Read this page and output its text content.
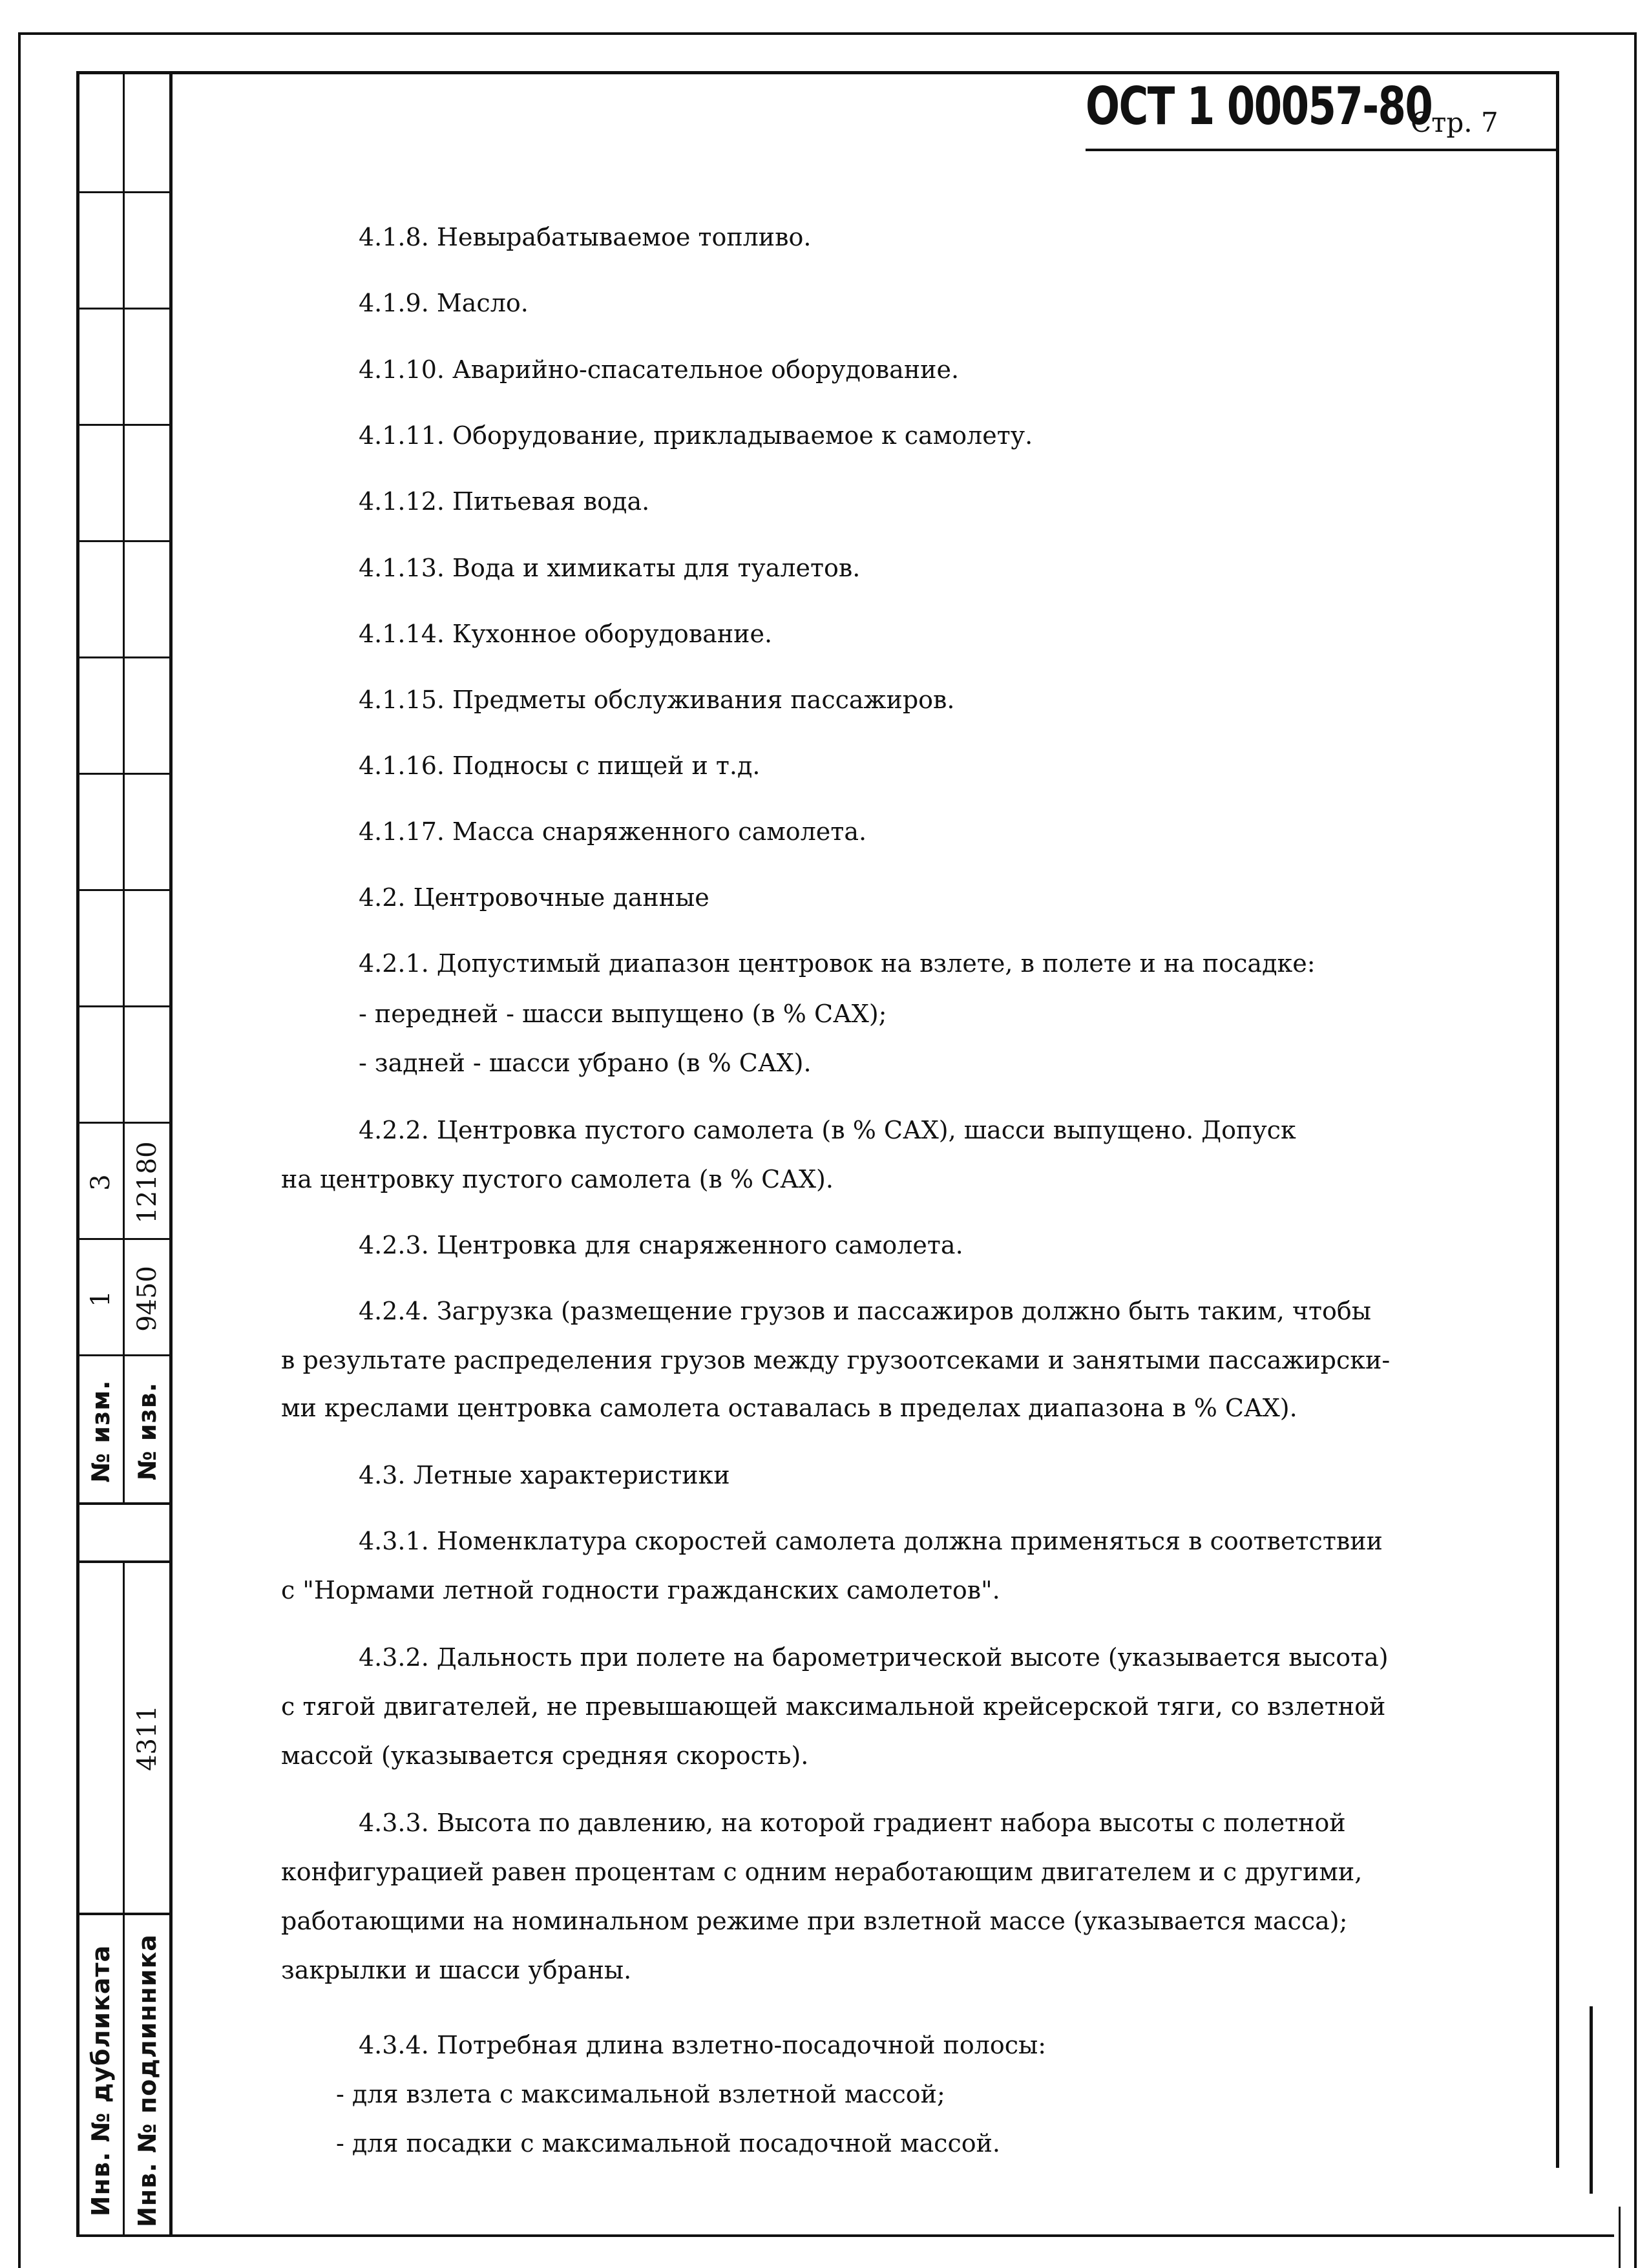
ОСТ 1 00057-80
Стр. 7
1
3
9450
12180
№ изм. № изв.
4311
Инв. № дубликата Инв. № подлинника
4.1.8. Невырабатываемое топливо.
4.1.9. Масло.
4.1.10. Аварийно-спасательное оборудование.
4.1.11. Оборудование, прикладываемое к самолету.
4.1.12. Питьевая вода.
4.1.13. Вода и химикаты для туалетов.
4.1.14. Кухонное оборудование.
4.1.15. Предметы обслуживания пассажиров.
4.1.16. Подносы с пищей и т.д.
4.1.17. Масса снаряженного самолета.
4.2. Центровочные данные
4.2.1. Допустимый диапазон центровок на взлете, в полете и на посадке:
- передней - шасси выпущено (в % САХ);
- задней - шасси убрано (в % САХ).
4.2.2. Центровка пустого самолета (в % САХ), шасси выпущено. Допуск
на центровку пустого самолета (в % САХ).
4.2.3. Центровка для снаряженного самолета.
4.2.4. Загрузка (размещение грузов и пассажиров должно быть таким, чтобы
в результате распределения грузов между грузоотсеками и занятыми пассажирски-
ми креслами центровка самолета оставалась в пределах диапазона в % САХ).
4.3. Летные характеристики
4.3.1. Номенклатура скоростей самолета должна применяться в соответствии
с "Нормами летной годности гражданских самолетов".
4.3.2. Дальность при полете на барометрической высоте (указывается высота)
с тягой двигателей, не превышающей максимальной крейсерской тяги, со взлетной
массой (указывается средняя скорость).
4.3.3. Высота по давлению, на которой градиент набора высоты с полетной
конфигурацией равен процентам с одним неработающим двигателем и с другими,
работающими на номинальном режиме при взлетной массе (указывается масса);
закрылки и шасси убраны.
4.3.4. Потребная длина взлетно-посадочной полосы:
- для взлета с максимальной взлетной массой;
- для посадки с максимальной посадочной массой.
